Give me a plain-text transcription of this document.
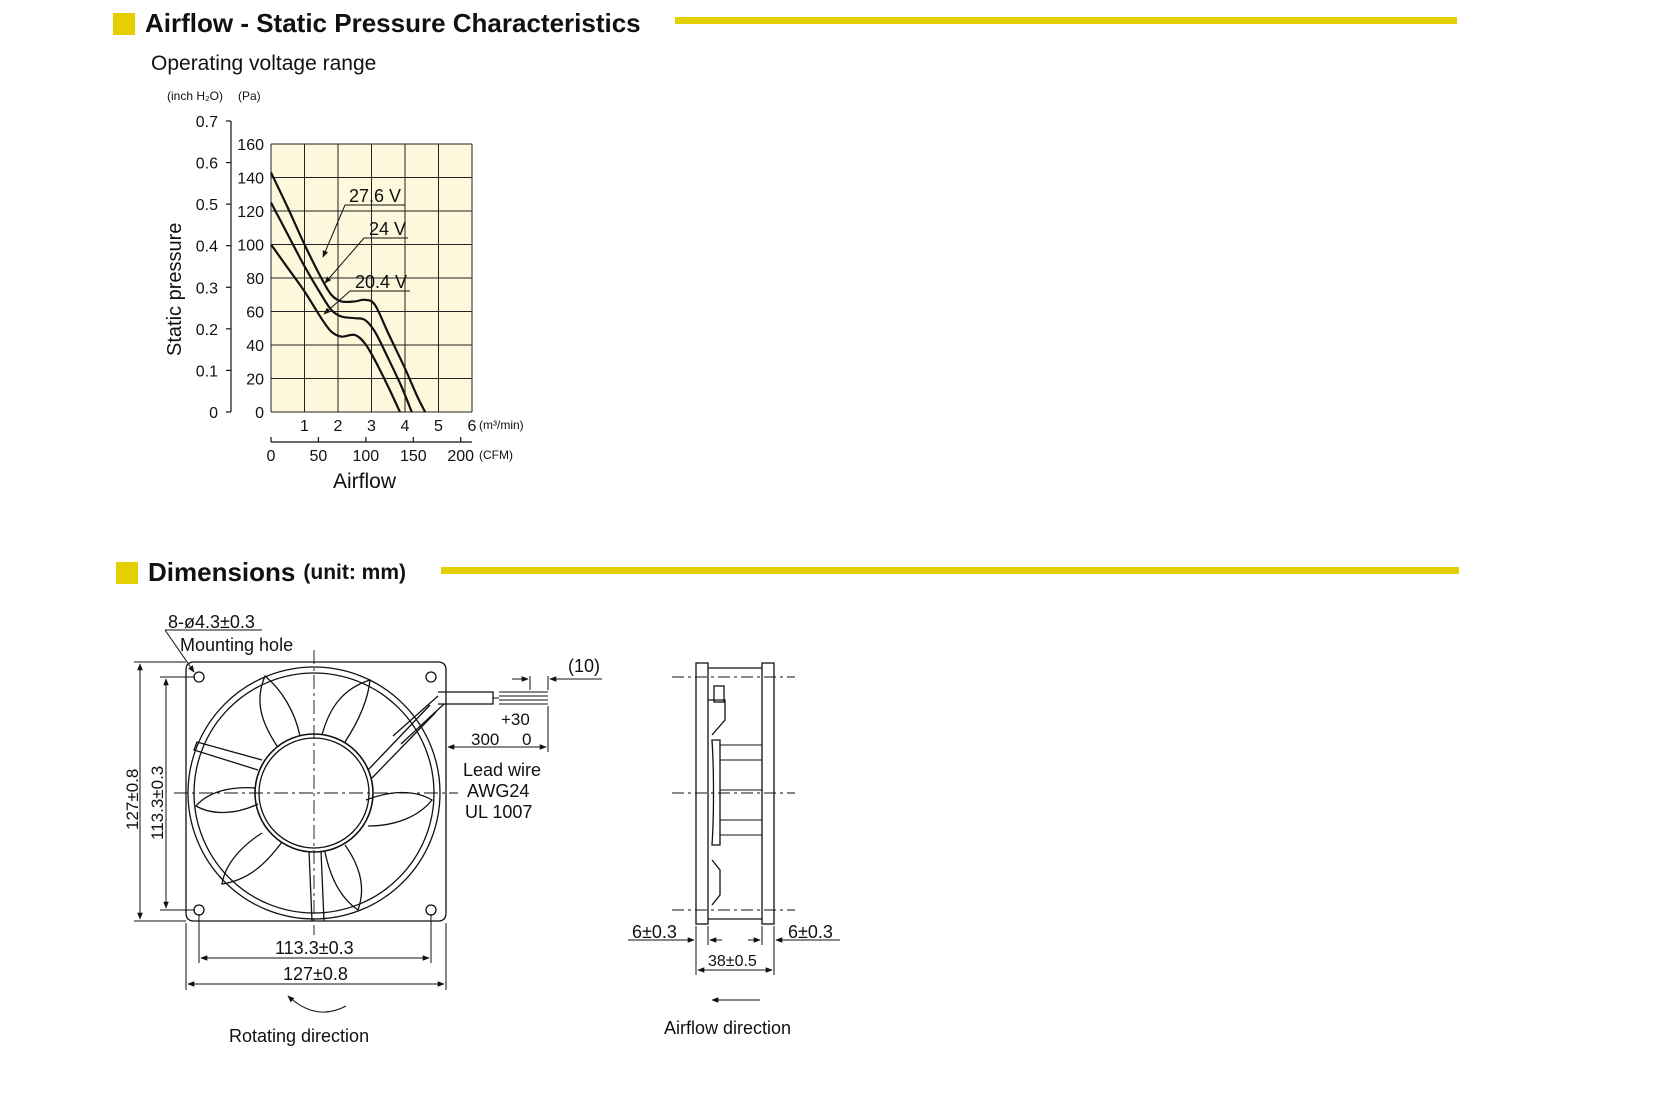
Airflow - Static Pressure Characteristics
Dimensions (unit: mm)
Operating voltage range
(inch H₂O) (Pa)
Static pressure
0.7
0.6
0.5
0.4
0.3
0.2
0.1
0
160
140
120
100
80
60
40
20
0
1 2 3 4 5 6
0 50 100 150 200
(m³/min)
(CFM)
Airflow
27.6 V
24 V
20.4 V
8-ø4.3±0.3
Mounting hole
127±0.8 113.3±0.3
113.3±0.3
127±0.8
Rotating direction
(10)
+30
300 0
Lead wire
AWG24
UL 1007
6±0.3	6±0.3
38±0.5
Airflow direction
